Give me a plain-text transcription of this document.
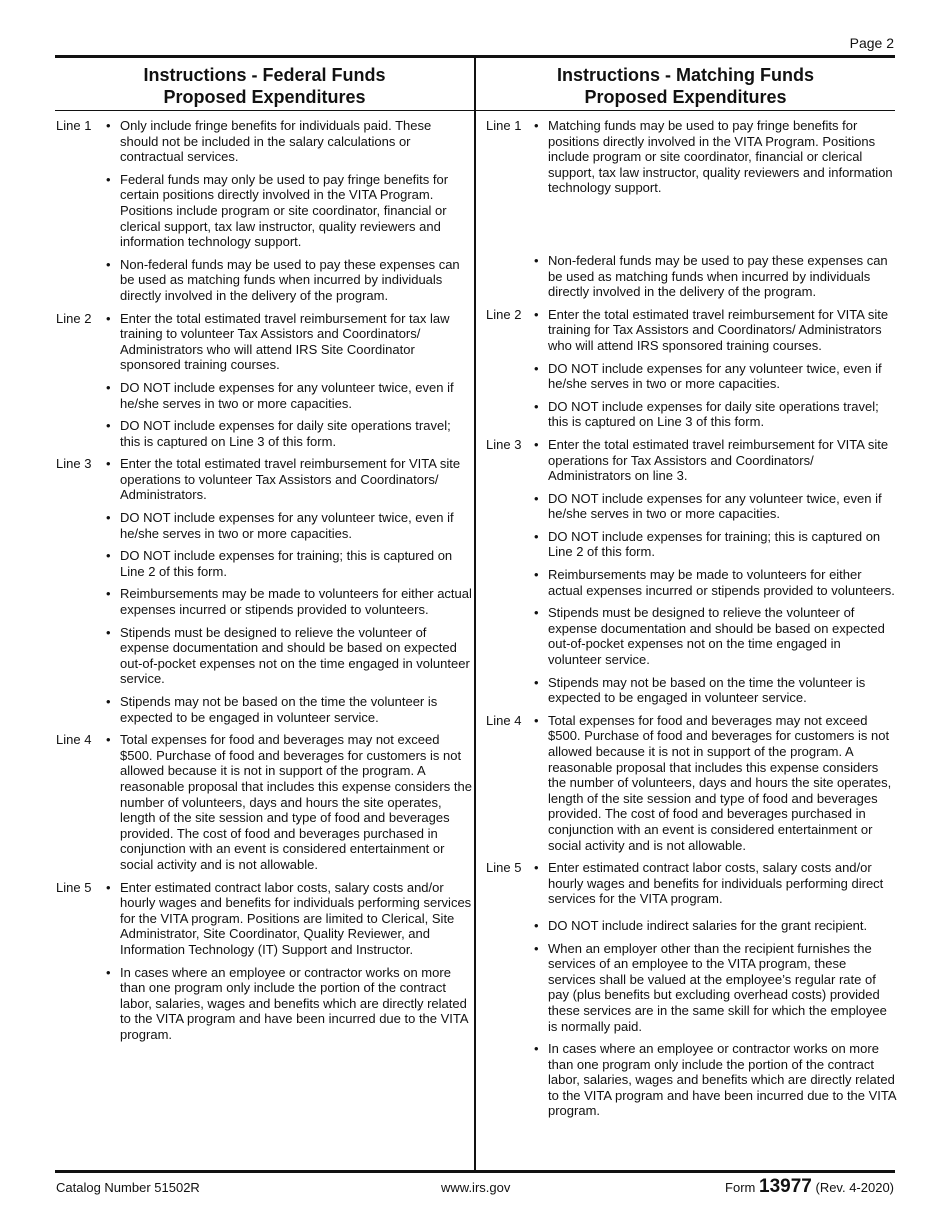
Page 2
Instructions - Federal Funds
Proposed Expenditures
Instructions - Matching Funds
Proposed Expenditures
Line 1 • Only include fringe benefits for individuals paid. These should not be included in the salary calculations or contractual services.
• Federal funds may only be used to pay fringe benefits for certain positions directly involved in the VITA Program. Positions include program or site coordinator, financial or clerical support, tax law instructor, quality reviewers and information technology support.
• Non-federal funds may be used to pay these expenses can be used as matching funds when incurred by individuals directly involved in the delivery of the program.
Line 2 • Enter the total estimated travel reimbursement for tax law training to volunteer Tax Assistors and Coordinators/ Administrators who will attend IRS Site Coordinator sponsored training courses.
• DO NOT include expenses for any volunteer twice, even if he/she serves in two or more capacities.
• DO NOT include expenses for daily site operations travel; this is captured on Line 3 of this form.
Line 3 • Enter the total estimated travel reimbursement for VITA site operations to volunteer Tax Assistors and Coordinators/ Administrators.
• DO NOT include expenses for any volunteer twice, even if he/she serves in two or more capacities.
• DO NOT include expenses for training; this is captured on Line 2 of this form.
• Reimbursements may be made to volunteers for either actual expenses incurred or stipends provided to volunteers.
• Stipends must be designed to relieve the volunteer of expense documentation and should be based on expected out-of-pocket expenses not on the time engaged in volunteer service.
• Stipends may not be based on the time the volunteer is expected to be engaged in volunteer service.
Line 4 • Total expenses for food and beverages may not exceed $500. Purchase of food and beverages for customers is not allowed because it is not in support of the program. A reasonable proposal that includes this expense considers the number of volunteers, days and hours the site operates, length of the site session and type of food and beverages provided. The cost of food and beverages purchased in conjunction with an event is considered entertainment or social activity and is not allowable.
Line 5 • Enter estimated contract labor costs, salary costs and/or hourly wages and benefits for individuals performing services for the VITA program. Positions are limited to Clerical, Site Administrator, Site Coordinator, Quality Reviewer, and Information Technology (IT) Support and Instructor.
• In cases where an employee or contractor works on more than one program only include the portion of the contract labor, salaries, wages and benefits which are directly related to the VITA program and have been incurred due to the VITA program.
Line 1 • Matching funds may be used to pay fringe benefits for positions directly involved in the VITA Program. Positions include program or site coordinator, financial or clerical support, tax law instructor, quality reviewers and information technology support.
• Non-federal funds may be used to pay these expenses can be used as matching funds when incurred by individuals directly involved in the delivery of the program.
Line 2 • Enter the total estimated travel reimbursement for VITA site training for Tax Assistors and Coordinators/ Administrators who will attend IRS sponsored training courses.
• DO NOT include expenses for any volunteer twice, even if he/she serves in two or more capacities.
• DO NOT include expenses for daily site operations travel; this is captured on Line 3 of this form.
Line 3 • Enter the total estimated travel reimbursement for VITA site operations for Tax Assistors and Coordinators/ Administrators on line 3.
• DO NOT include expenses for any volunteer twice, even if he/she serves in two or more capacities.
• DO NOT include expenses for training; this is captured on Line 2 of this form.
• Reimbursements may be made to volunteers for either actual expenses incurred or stipends provided to volunteers.
• Stipends must be designed to relieve the volunteer of expense documentation and should be based on expected out-of-pocket expenses not on the time engaged in volunteer service.
• Stipends may not be based on the time the volunteer is expected to be engaged in volunteer service.
Line 4 • Total expenses for food and beverages may not exceed $500. Purchase of food and beverages for customers is not allowed because it is not in support of the program. A reasonable proposal that includes this expense considers the number of volunteers, days and hours the site operates, length of the site session and type of food and beverages provided. The cost of food and beverages purchased in conjunction with an event is considered entertainment or social activity and is not allowable.
Line 5 • Enter estimated contract labor costs, salary costs and/or hourly wages and benefits for individuals performing direct services for the VITA program.
• DO NOT include indirect salaries for the grant recipient.
• When an employer other than the recipient furnishes the services of an employee to the VITA program, these services shall be valued at the employee’s regular rate of pay (plus benefits but excluding overhead costs) provided these services are in the same skill for which the employee is normally paid.
• In cases where an employee or contractor works on more than one program only include the portion of the contract labor, salaries, wages and benefits which are directly related to the VITA program and have been incurred due to the VITA program.
Catalog Number 51502R	www.irs.gov	Form 13977 (Rev. 4-2020)
